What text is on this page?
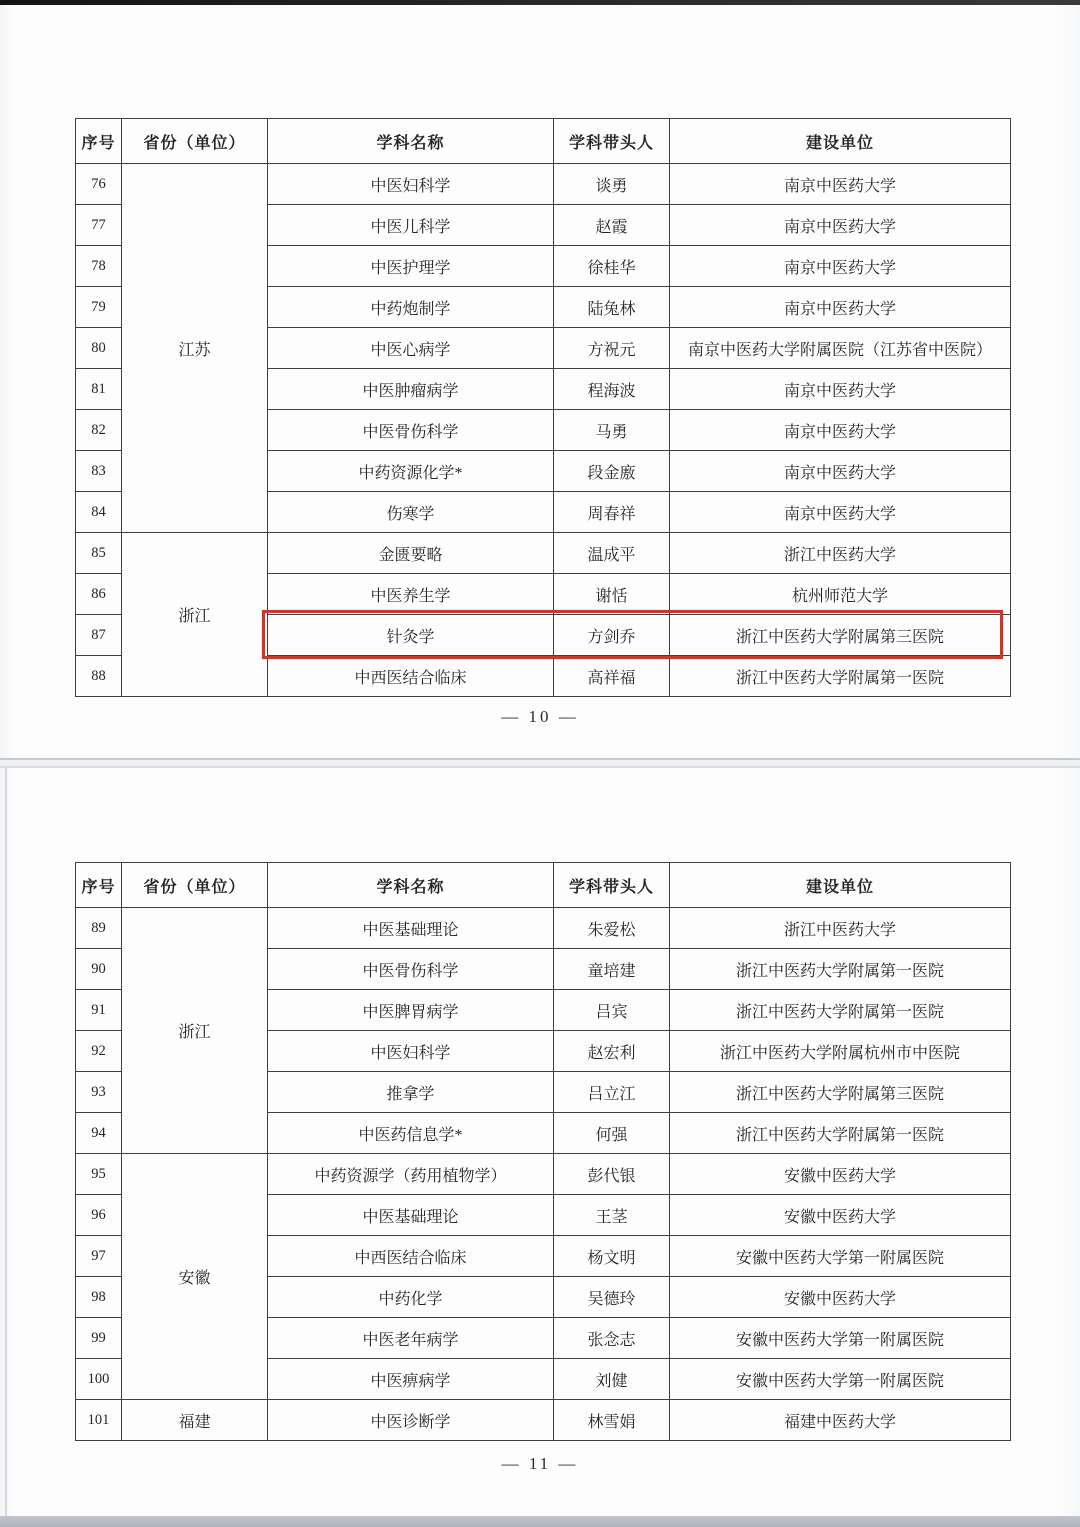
序号	省份（单位）	学科名称	学科带头人	建设单位
76	江苏	中医妇科学	谈勇	南京中医药大学
77		中医儿科学	赵霞	南京中医药大学
78		中医护理学	徐桂华	南京中医药大学
79		中药炮制学	陆兔林	南京中医药大学
80		中医心病学	方祝元	南京中医药大学附属医院（江苏省中医院）
81		中医肿瘤病学	程海波	南京中医药大学
82		中医骨伤科学	马勇	南京中医药大学
83		中药资源化学*	段金廒	南京中医药大学
84		伤寒学	周春祥	南京中医药大学
85	浙江	金匮要略	温成平	浙江中医药大学
86		中医养生学	谢恬	杭州师范大学
87		针灸学	方剑乔	浙江中医药大学附属第三医院
88		中西医结合临床	高祥福	浙江中医药大学附属第一医院
— 10 —
序号	省份（单位）	学科名称	学科带头人	建设单位
89	浙江	中医基础理论	朱爱松	浙江中医药大学
90		中医骨伤科学	童培建	浙江中医药大学附属第一医院
91		中医脾胃病学	吕宾	浙江中医药大学附属第一医院
92		中医妇科学	赵宏利	浙江中医药大学附属杭州市中医院
93		推拿学	吕立江	浙江中医药大学附属第三医院
94		中医药信息学*	何强	浙江中医药大学附属第一医院
95	安徽	中药资源学（药用植物学）	彭代银	安徽中医药大学
96		中医基础理论	王茎	安徽中医药大学
97		中西医结合临床	杨文明	安徽中医药大学第一附属医院
98		中药化学	吴德玲	安徽中医药大学
99		中医老年病学	张念志	安徽中医药大学第一附属医院
100		中医痹病学	刘健	安徽中医药大学第一附属医院
101	福建	中医诊断学	林雪娟	福建中医药大学
— 11 —
